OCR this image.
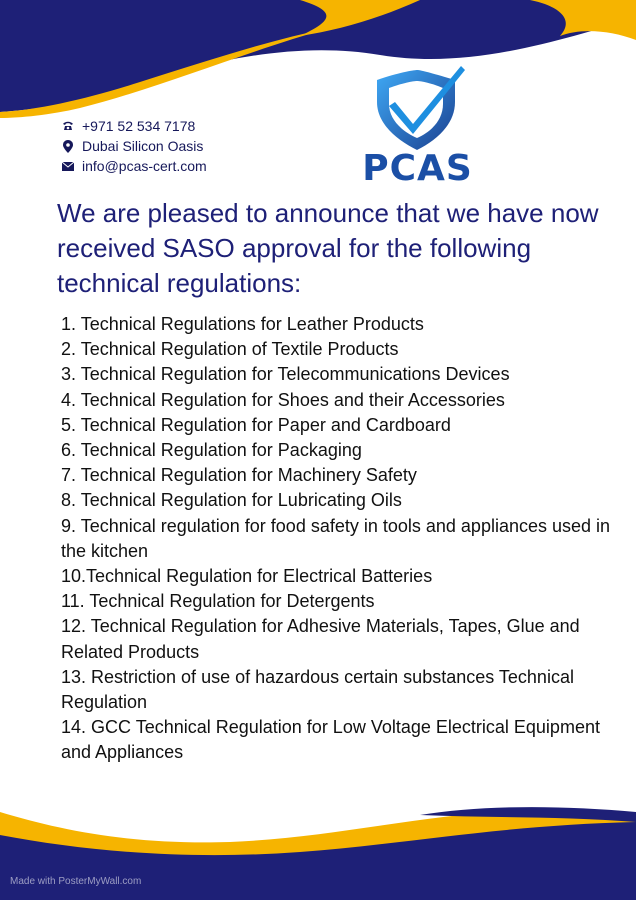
+971 52 534 7178
Dubai Silicon Oasis
info@pcas-cert.com	PCAS
We are pleased to announce that we have now received SASO approval for the following technical regulations:

1. Technical Regulations for Leather Products

2. Technical Regulation of Textile Products

3. Technical Regulation for Telecommunications Devices

4. Technical Regulation for Shoes and their Accessories

5. Technical Regulation for Paper and Cardboard

6. Technical Regulation for Packaging

7. Technical Regulation for Machinery Safety

8. Technical Regulation for Lubricating Oils

9. Technical regulation for food safety in tools and appliances used in the kitchen

10.Technical Regulation for Electrical Batteries

11. Technical Regulation for Detergents

12. Technical Regulation for Adhesive Materials, Tapes, Glue and Related Products

13. Restriction of use of hazardous certain substances Technical Regulation

14. GCC Technical Regulation for Low Voltage Electrical Equipment and Appliances

Made with PosterMyWall.com
